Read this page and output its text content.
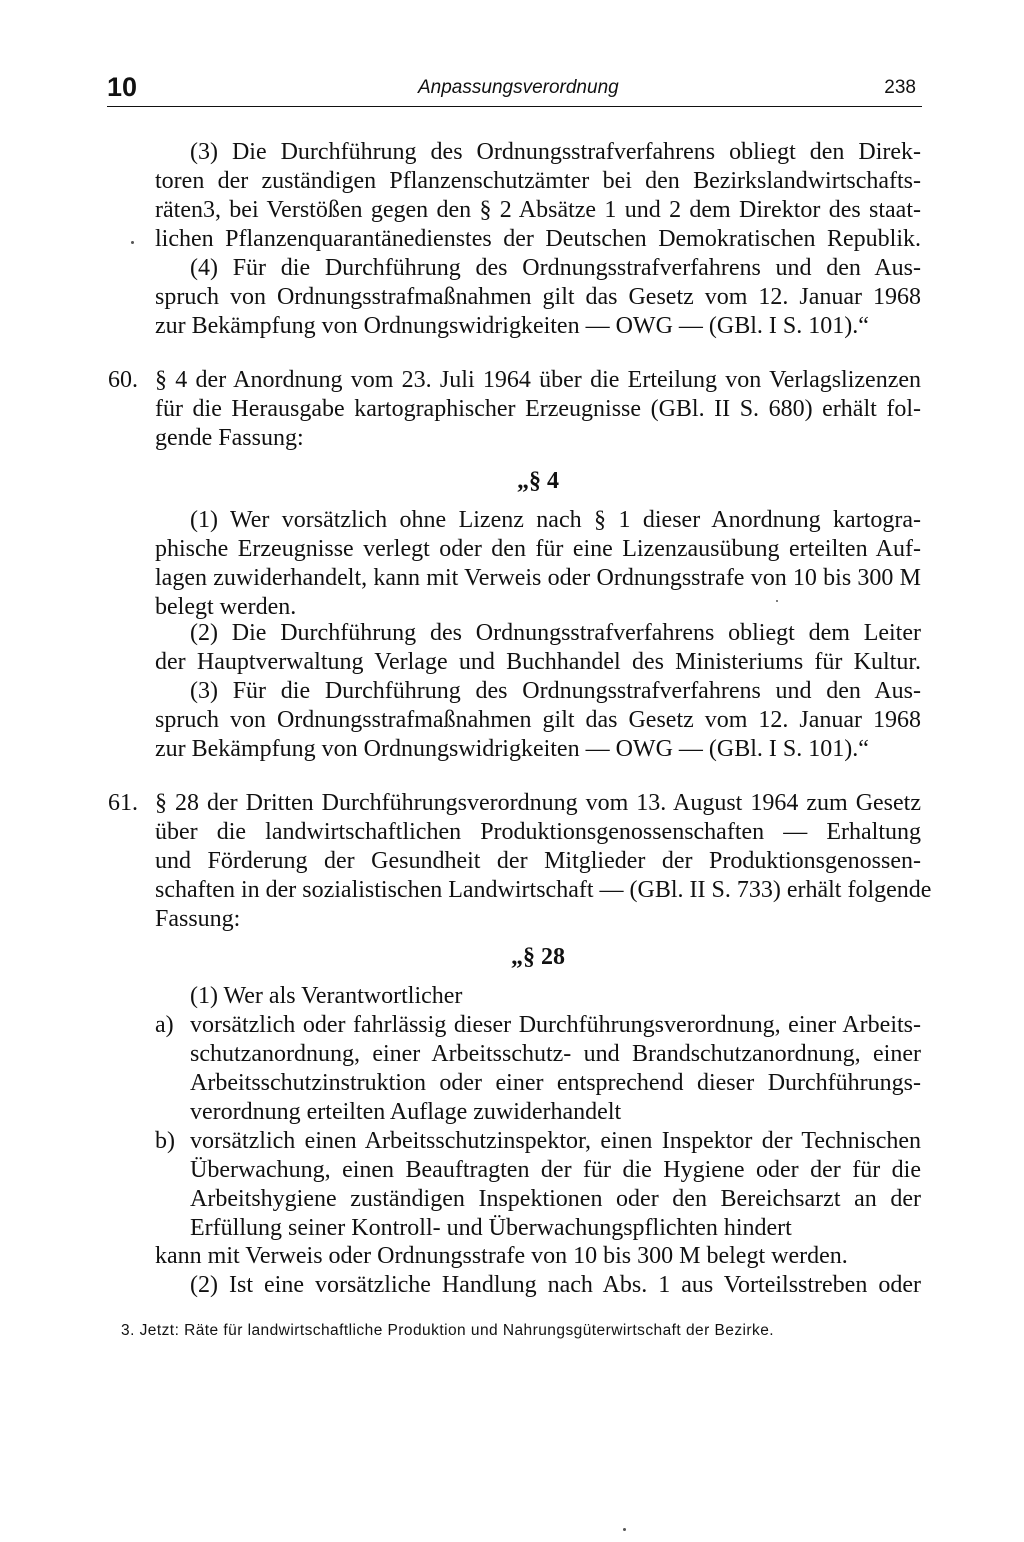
10	Anpassungsverordnung	238
(3) Die Durchführung des Ordnungsstrafverfahrens obliegt den Direk-
toren der zuständigen Pflanzenschutzämter bei den Bezirkslandwirtschafts-
räten3, bei Verstößen gegen den § 2 Absätze 1 und 2 dem Direktor des staat-
lichen Pflanzenquarantänedienstes der Deutschen Demokratischen Republik.
(4) Für die Durchführung des Ordnungsstrafverfahrens und den Aus-
spruch von Ordnungsstrafmaßnahmen gilt das Gesetz vom 12. Januar 1968
zur Bekämpfung von Ordnungswidrigkeiten — OWG — (GBl. I S. 101).“
60. § 4 der Anordnung vom 23. Juli 1964 über die Erteilung von Verlagslizenzen
für die Herausgabe kartographischer Erzeugnisse (GBl. II S. 680) erhält fol-
gende Fassung:
„§ 4
(1) Wer vorsätzlich ohne Lizenz nach § 1 dieser Anordnung kartogra-
phische Erzeugnisse verlegt oder den für eine Lizenzausübung erteilten Auf-
lagen zuwiderhandelt, kann mit Verweis oder Ordnungsstrafe von 10 bis 300 M
belegt werden.
(2) Die Durchführung des Ordnungsstrafverfahrens obliegt dem Leiter
der Hauptverwaltung Verlage und Buchhandel des Ministeriums für Kultur.
(3) Für die Durchführung des Ordnungsstrafverfahrens und den Aus-
spruch von Ordnungsstrafmaßnahmen gilt das Gesetz vom 12. Januar 1968
zur Bekämpfung von Ordnungswidrigkeiten — OWG — (GBl. I S. 101).“
61. § 28 der Dritten Durchführungsverordnung vom 13. August 1964 zum Gesetz
über die landwirtschaftlichen Produktionsgenossenschaften — Erhaltung
und Förderung der Gesundheit der Mitglieder der Produktionsgenossen-
schaften in der sozialistischen Landwirtschaft — (GBl. II S. 733) erhält folgende
Fassung:
„§ 28
(1) Wer als Verantwortlicher
a) vorsätzlich oder fahrlässig dieser Durchführungsverordnung, einer Arbeits-
schutzanordnung, einer Arbeitsschutz- und Brandschutzanordnung, einer
Arbeitsschutzinstruktion oder einer entsprechend dieser Durchführungs-
verordnung erteilten Auflage zuwiderhandelt
b) vorsätzlich einen Arbeitsschutzinspektor, einen Inspektor der Technischen
Überwachung, einen Beauftragten der für die Hygiene oder der für die
Arbeitshygiene zuständigen Inspektionen oder den Bereichsarzt an der
Erfüllung seiner Kontroll- und Überwachungspflichten hindert
kann mit Verweis oder Ordnungsstrafe von 10 bis 300 M belegt werden.
(2) Ist eine vorsätzliche Handlung nach Abs. 1 aus Vorteilsstreben oder
3. Jetzt: Räte für landwirtschaftliche Produktion und Nahrungsgüterwirtschaft der Bezirke.
